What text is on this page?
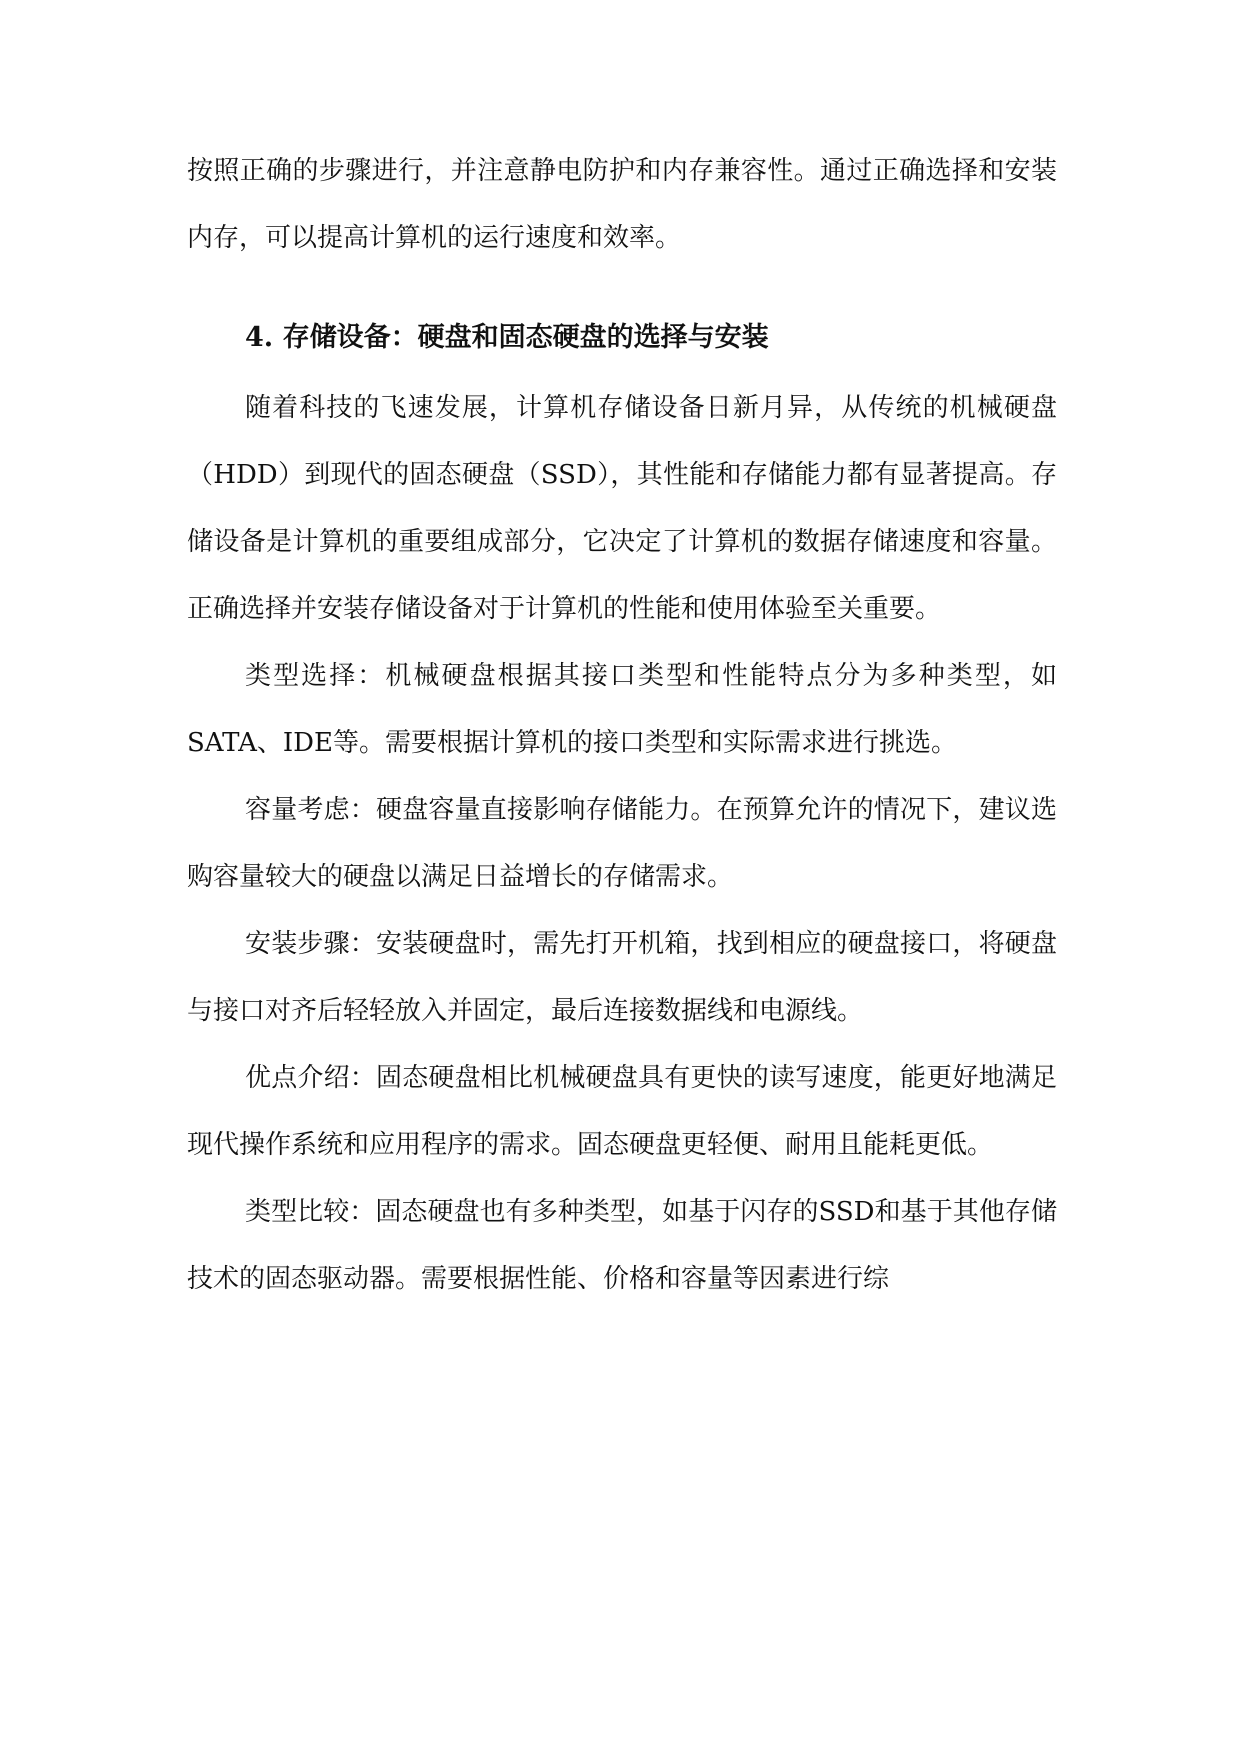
按照正确的步骤进行，并注意静电防护和内存兼容性。通过正确选择和安装内存，可以提高计算机的运行速度和效率。

4. 存储设备：硬盘和固态硬盘的选择与安装

随着科技的飞速发展，计算机存储设备日新月异，从传统的机械硬盘（HDD）到现代的固态硬盘（SSD），其性能和存储能力都有显著提高。存储设备是计算机的重要组成部分，它决定了计算机的数据存储速度和容量。正确选择并安装存储设备对于计算机的性能和使用体验至关重要。

类型选择：机械硬盘根据其接口类型和性能特点分为多种类型，如SATA、IDE等。需要根据计算机的接口类型和实际需求进行挑选。

容量考虑：硬盘容量直接影响存储能力。在预算允许的情况下，建议选购容量较大的硬盘以满足日益增长的存储需求。

安装步骤：安装硬盘时，需先打开机箱，找到相应的硬盘接口，将硬盘与接口对齐后轻轻放入并固定，最后连接数据线和电源线。

优点介绍：固态硬盘相比机械硬盘具有更快的读写速度，能更好地满足现代操作系统和应用程序的需求。固态硬盘更轻便、耐用且能耗更低。

类型比较：固态硬盘也有多种类型，如基于闪存的SSD和基于其他存储技术的固态驱动器。需要根据性能、价格和容量等因素进行综
